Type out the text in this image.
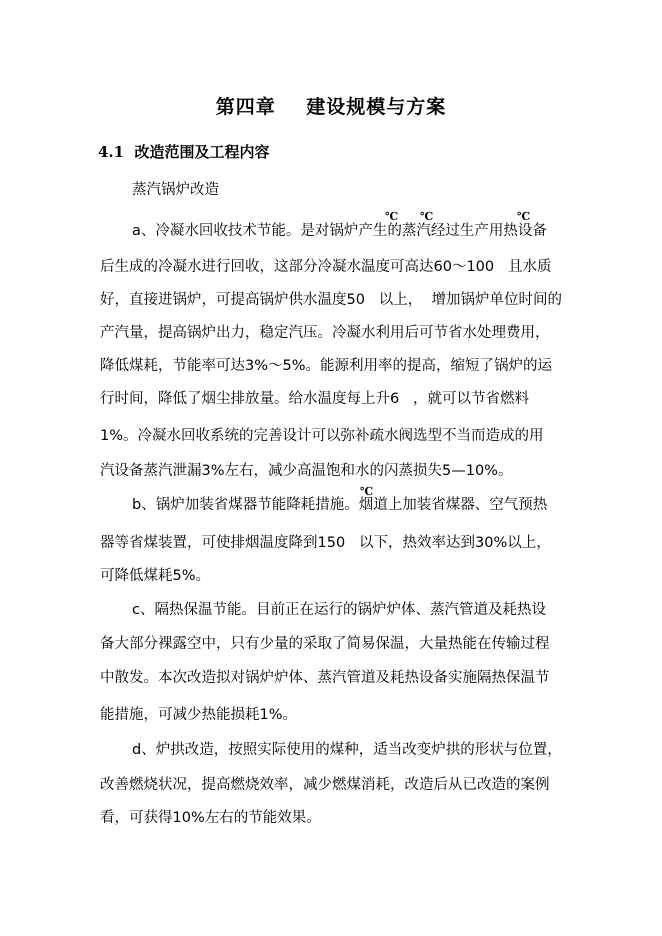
第四章    建设规模与方案
4.1  改造范围及工程内容
蒸汽锅炉改造
℃ ℃	℃
℃
a、冷凝水回收技术节能。是对锅炉产生的蒸汽经过生产用热设备
后生成的冷凝水进行回收，这部分冷凝水温度可高达60～100   且水质
好，直接进锅炉，可提高锅炉供水温度50   以上，  增加锅炉单位时间的
产汽量，提高锅炉出力，稳定汽压。冷凝水利用后可节省水处理费用，
降低煤耗，节能率可达3%～5%。能源利用率的提高，缩短了锅炉的运
行时间，降低了烟尘排放量。给水温度每上升6   ，就可以节省燃料
1%。冷凝水回收系统的完善设计可以弥补疏水阀选型不当而造成的用
汽设备蒸汽泄漏3%左右，减少高温饱和水的闪蒸损失5—10%。
b、锅炉加装省煤器节能降耗措施。烟道上加装省煤器、空气预热
器等省煤装置，可使排烟温度降到150   以下，热效率达到30%以上，
可降低煤耗5%。
c、隔热保温节能。目前正在运行的锅炉炉体、蒸汽管道及耗热设
备大部分裸露空中，只有少量的采取了简易保温，大量热能在传输过程
中散发。本次改造拟对锅炉炉体、蒸汽管道及耗热设备实施隔热保温节
能措施，可减少热能损耗1%。
d、炉拱改造，按照实际使用的煤种，适当改变炉拱的形状与位置，
改善燃烧状况，提高燃烧效率，减少燃煤消耗，改造后从已改造的案例
看，可获得10%左右的节能效果。
